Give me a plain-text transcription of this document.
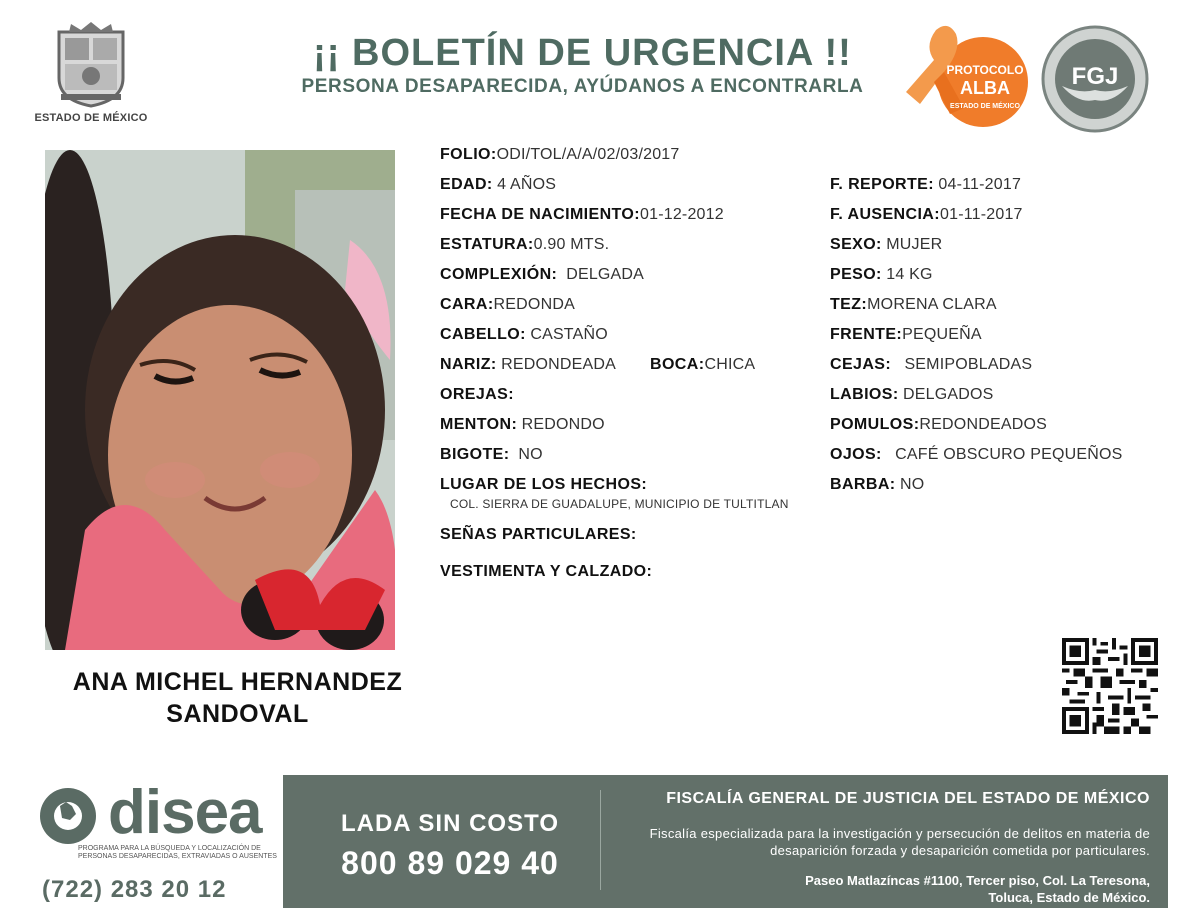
ESTADO DE MÉXICO
¡¡ BOLETÍN DE URGENCIA !!
PERSONA DESAPARECIDA, AYÚDANOS A ENCONTRARLA
PROTOCOLO
ALBA
ESTADO DE MÉXICO
FGJ
ANA MICHEL HERNANDEZ
SANDOVAL
FOLIO:ODI/TOL/A/A/02/03/2017
EDAD: 4 AÑOS	F. REPORTE: 04-11-2017
FECHA DE NACIMIENTO:01-12-2012	F. AUSENCIA:01-11-2017
ESTATURA:0.90 MTS.	SEXO: MUJER
COMPLEXIÓN: DELGADA	PESO: 14 KG
CARA:REDONDA	TEZ:MORENA CLARA
CABELLO: CASTAÑO	FRENTE:PEQUEÑA
NARIZ: REDONDEADA BOCA:CHICA	CEJAS: SEMIPOBLADAS
OREJAS:	LABIOS: DELGADOS
MENTON: REDONDO	POMULOS:REDONDEADOS
BIGOTE: NO	OJOS: CAFÉ OBSCURO PEQUEÑOS
LUGAR DE LOS HECHOS:
COL. SIERRA DE GUADALUPE, MUNICIPIO DE TULTITLAN
BARBA: NO
SEÑAS PARTICULARES:
VESTIMENTA Y CALZADO:
disea
PROGRAMA PARA LA BÚSQUEDA Y LOCALIZACIÓN DE PERSONAS DESAPARECIDAS, EXTRAVIADAS O AUSENTES
(722) 283 20 12
LADA SIN COSTO
800 89 029 40
FISCALÍA GENERAL DE JUSTICIA DEL ESTADO DE MÉXICO
Fiscalía especializada para la investigación y persecución de delitos en materia de desaparición forzada y desaparición cometida por particulares.
Paseo Matlazíncas #1100, Tercer piso, Col. La Teresona,
Toluca, Estado de México.
